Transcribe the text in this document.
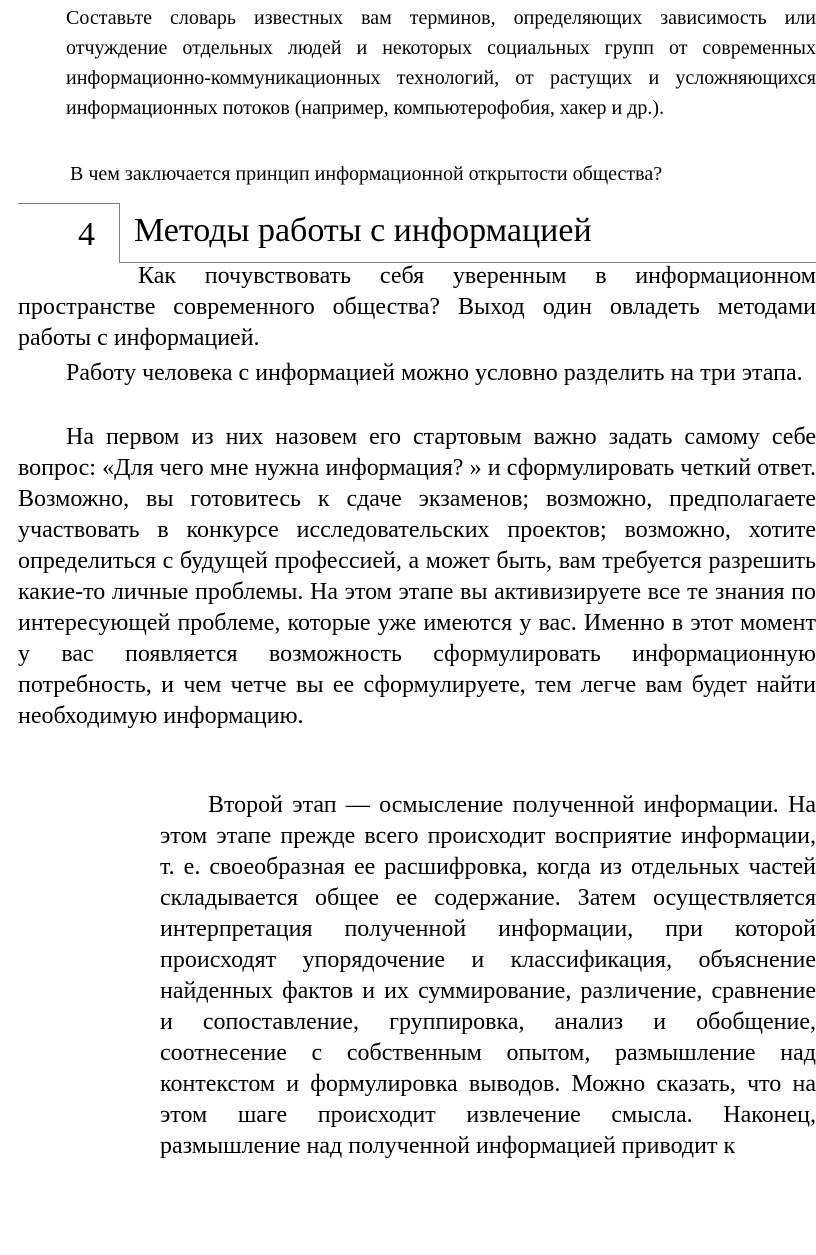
Составьте словарь известных вам терминов, определяющих зависимость или отчуждение отдельных людей и некоторых социальных групп от современных информационно-коммуникационных технологий, от растущих и усложняющихся информационных потоков (например, компьютерофобия, хакер и др.).

В чем заключается принцип информационной открытости общества?

4 Методы работы с информацией

Как почувствовать себя уверенным в информационном пространстве современного общества? Выход один овладеть методами работы с информацией.

Работу человека с информацией можно условно разделить на три этапа.

На первом из них назовем его стартовым важно задать самому себе вопрос: «Для чего мне нужна информация? » и сформулировать четкий ответ. Возможно, вы готовитесь к сдаче экзаменов; возможно, предполагаете участвовать в конкурсе исследовательских проектов; возможно, хотите определиться с будущей профессией, а может быть, вам требуется разрешить какие-то личные проблемы. На этом этапе вы активизируете все те знания по интересующей проблеме, которые уже имеются у вас. Именно в этот момент у вас появляется возможность сформулировать информационную потребность, и чем четче вы ее сформулируете, тем легче вам будет найти необходимую информацию.

Второй этап — осмысление полученной информации. На этом этапе прежде всего происходит восприятие информации, т. е. своеобразная ее расшифровка, когда из отдельных частей складывается общее ее содержание. Затем осуществляется интерпретация полученной информации, при которой происходят упорядочение и классификация, объяснение найденных фактов и их суммирование, различение, сравнение и сопоставление, группировка, анализ и обобщение, соотнесение с собственным опытом, размышление над контекстом и формулировка выводов. Можно сказать, что на этом шаге происходит извлечение смысла. Наконец, размышление над полученной информацией приводит к
